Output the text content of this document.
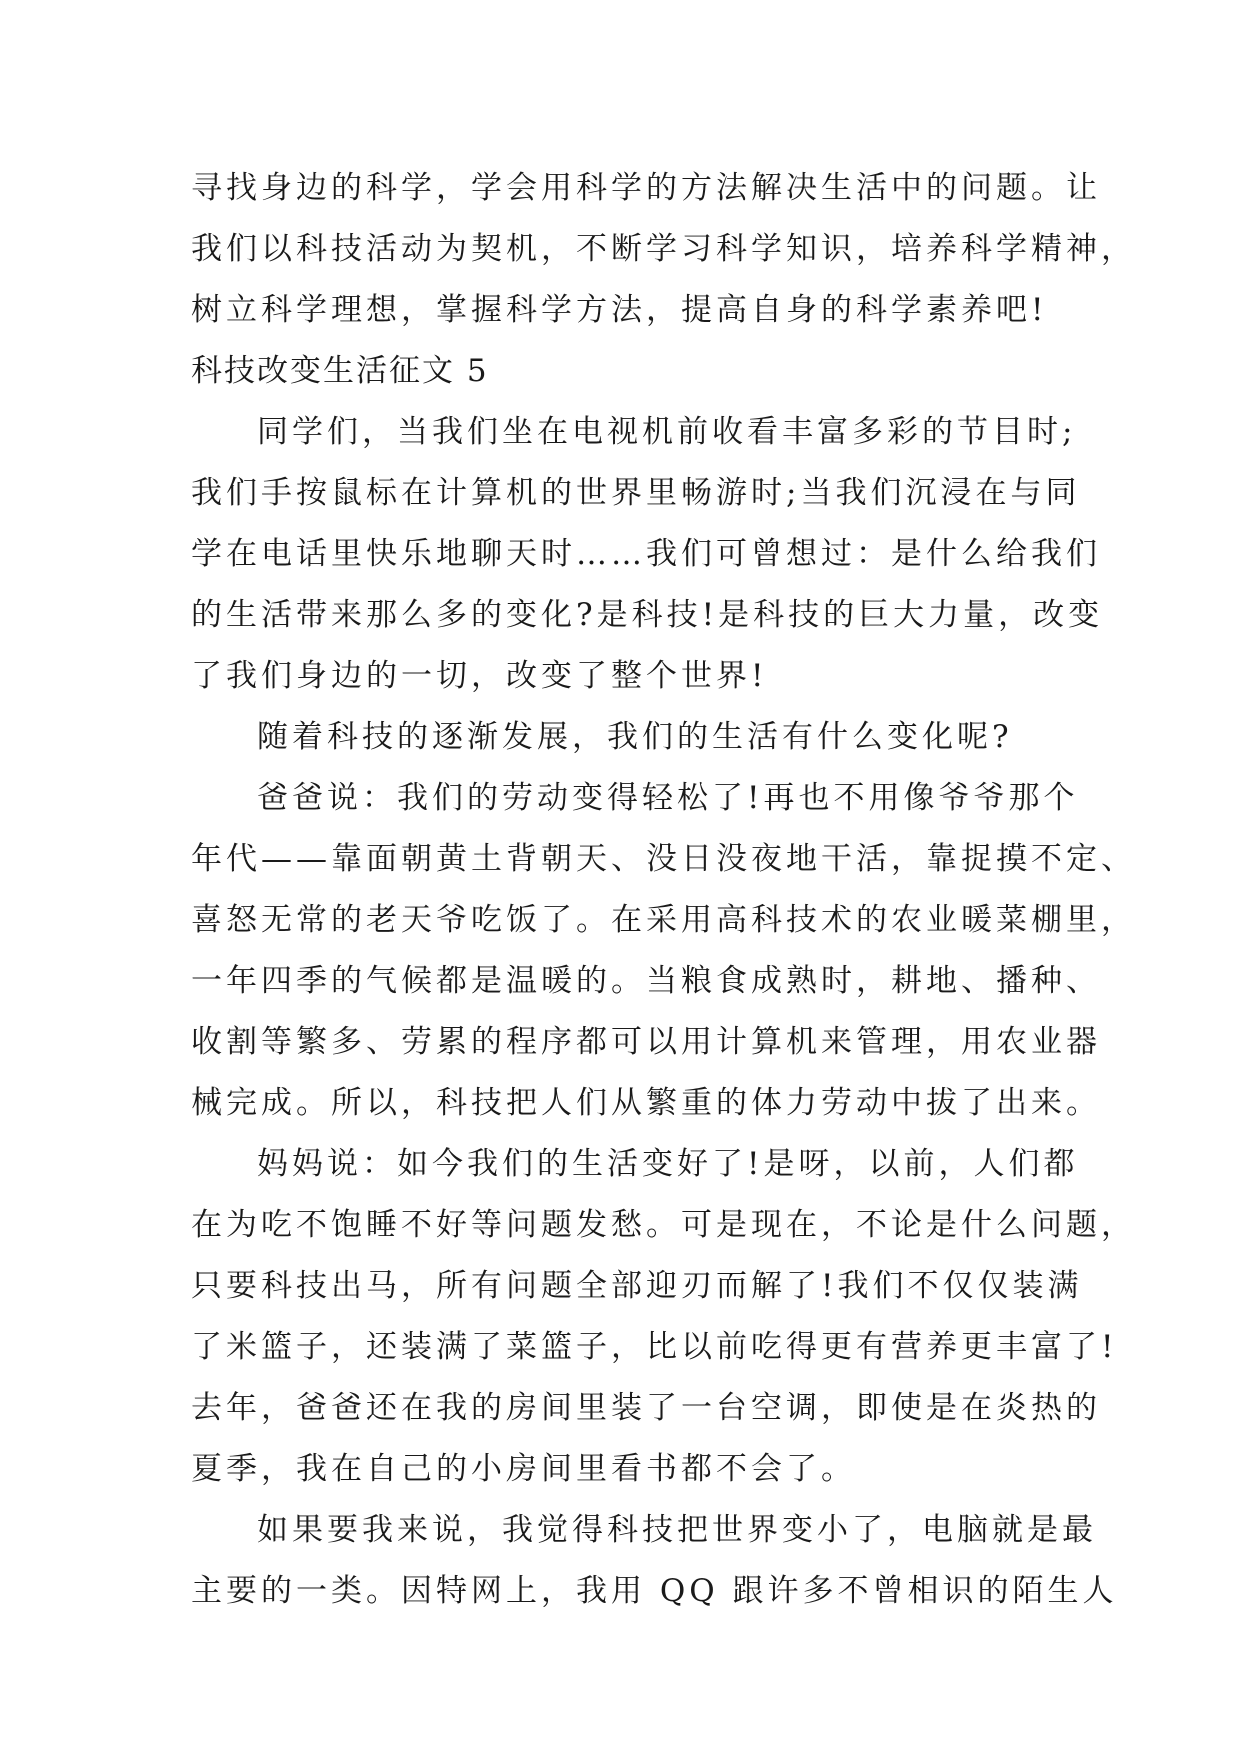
寻找身边的科学，学会用科学的方法解决生活中的问题。让
我们以科技活动为契机，不断学习科学知识，培养科学精神，
树立科学理想，掌握科学方法，提高自身的科学素养吧!
科技改变生活征文 5
同学们，当我们坐在电视机前收看丰富多彩的节目时;
我们手按鼠标在计算机的世界里畅游时;当我们沉浸在与同
学在电话里快乐地聊天时……我们可曾想过：是什么给我们
的生活带来那么多的变化?是科技!是科技的巨大力量，改变
了我们身边的一切，改变了整个世界!
随着科技的逐渐发展，我们的生活有什么变化呢?
爸爸说：我们的劳动变得轻松了!再也不用像爷爷那个
年代——靠面朝黄土背朝天、没日没夜地干活，靠捉摸不定、
喜怒无常的老天爷吃饭了。在采用高科技术的农业暖菜棚里，
一年四季的气候都是温暖的。当粮食成熟时，耕地、播种、
收割等繁多、劳累的程序都可以用计算机来管理，用农业器
械完成。所以，科技把人们从繁重的体力劳动中拔了出来。
妈妈说：如今我们的生活变好了!是呀，以前，人们都
在为吃不饱睡不好等问题发愁。可是现在，不论是什么问题，
只要科技出马，所有问题全部迎刃而解了!我们不仅仅装满
了米篮子，还装满了菜篮子，比以前吃得更有营养更丰富了!
去年，爸爸还在我的房间里装了一台空调，即使是在炎热的
夏季，我在自己的小房间里看书都不会了。
如果要我来说，我觉得科技把世界变小了，电脑就是最
主要的一类。因特网上，我用 QQ 跟许多不曾相识的陌生人
